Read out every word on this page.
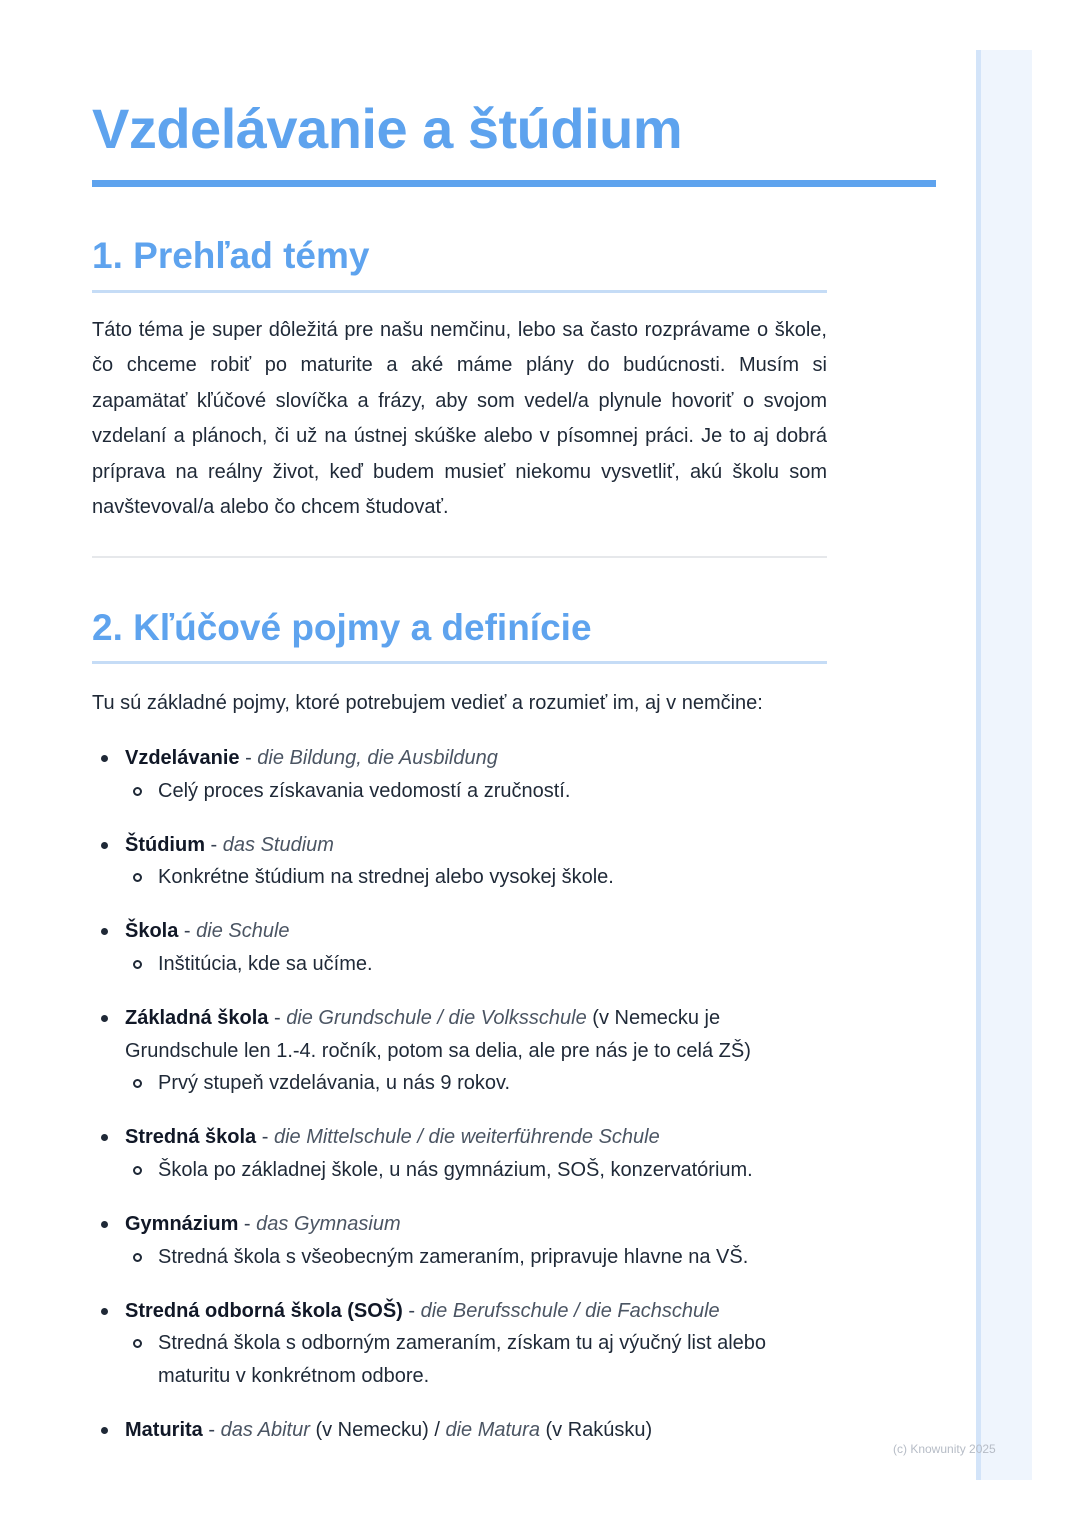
Vzdelávanie a štúdium
1. Prehľad témy

Táto téma je super dôležitá pre našu nemčinu, lebo sa často rozprávame o škole, čo chceme robiť po maturite a aké máme plány do budúcnosti. Musím si zapamätať kľúčové slovíčka a frázy, aby som vedel/a plynule hovoriť o svojom vzdelaní a plánoch, či už na ústnej skúške alebo v písomnej práci. Je to aj dobrá príprava na reálny život, keď budem musieť niekomu vysvetliť, akú školu som navštevoval/a alebo čo chcem študovať.

2. Kľúčové pojmy a definície

Tu sú základné pojmy, ktoré potrebujem vedieť a rozumieť im, aj v nemčine:

Vzdelávanie - die Bildung, die Ausbildung
Celý proces získavania vedomostí a zručností.
Štúdium - das Studium
Konkrétne štúdium na strednej alebo vysokej škole.
Škola - die Schule
Inštitúcia, kde sa učíme.
Základná škola - die Grundschule / die Volksschule (v Nemecku je Grundschule len 1.-4. ročník, potom sa delia, ale pre nás je to celá ZŠ)
Prvý stupeň vzdelávania, u nás 9 rokov.
Stredná škola - die Mittelschule / die weiterführende Schule
Škola po základnej škole, u nás gymnázium, SOŠ, konzervatórium.
Gymnázium - das Gymnasium
Stredná škola s všeobecným zameraním, pripravuje hlavne na VŠ.
Stredná odborná škola (SOŠ) - die Berufsschule / die Fachschule
Stredná škola s odborným zameraním, získam tu aj výučný list alebo maturitu v konkrétnom odbore.
Maturita - das Abitur (v Nemecku) / die Matura (v Rakúsku)
(c) Knowunity 2025
